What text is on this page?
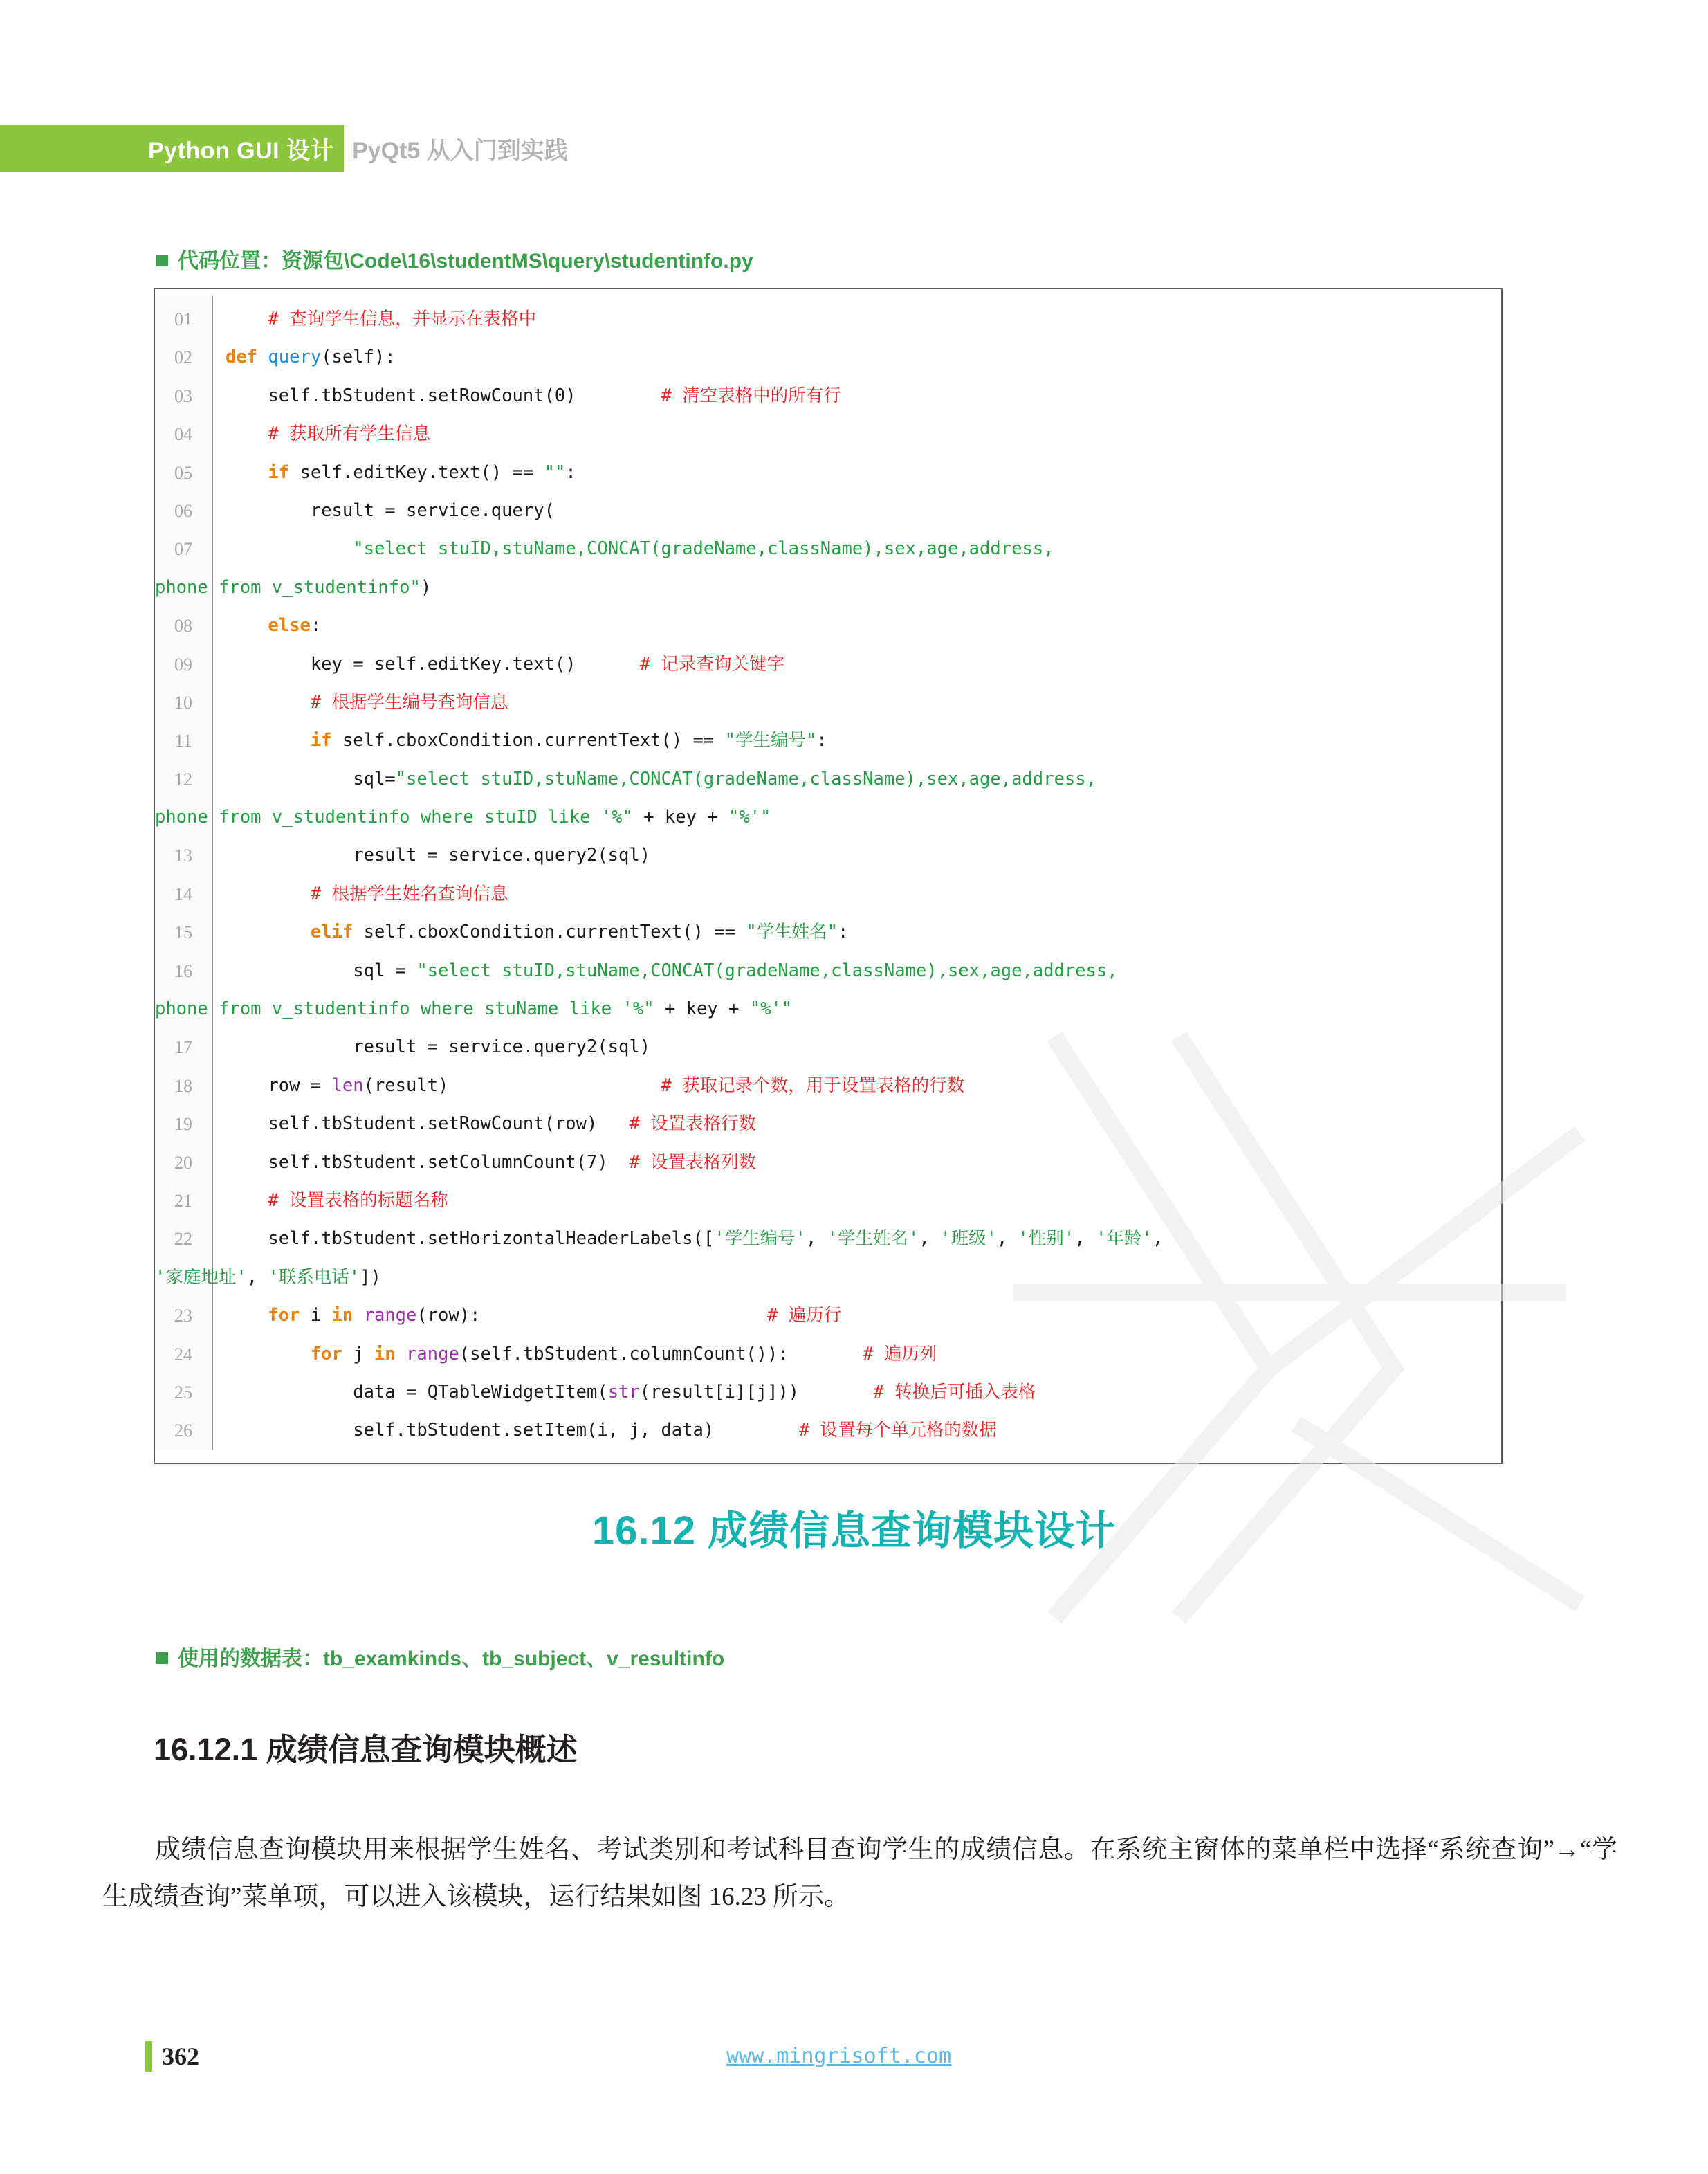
Python GUI 设计 PyQt5 从入门到实践
代码位置：资源包\Code\16\studentMS\query\studentinfo.py
01
02
03
04
05
06
07
08
09
10
11
12
13
14
15
16
17
18
19
20
21
22
23
24
25
26
# 查询学生信息，并显示在表格中
def query(self):
self.tbStudent.setRowCount(0)	# 清空表格中的所有行
# 获取所有学生信息
if self.editKey.text() == "":
result = service.query(
"select stuID,stuName,CONCAT(gradeName,className),sex,age,address,
phone from v_studentinfo")
else:
key = self.editKey.text()	# 记录查询关键字
# 根据学生编号查询信息
if self.cboxCondition.currentText() == "学生编号":
sql="select stuID,stuName,CONCAT(gradeName,className),sex,age,address,
phone from v_studentinfo where stuID like '%" + key + "%'"
result = service.query2(sql)
# 根据学生姓名查询信息
elif self.cboxCondition.currentText() == "学生姓名":
sql = "select stuID,stuName,CONCAT(gradeName,className),sex,age,address,
phone from v_studentinfo where stuName like '%" + key + "%'"
result = service.query2(sql)
row = len(result)	# 获取记录个数，用于设置表格的行数
self.tbStudent.setRowCount(row) # 设置表格行数
self.tbStudent.setColumnCount(7) # 设置表格列数
# 设置表格的标题名称
self.tbStudent.setHorizontalHeaderLabels(['学生编号', '学生姓名', '班级', '性别', '年龄',
'家庭地址', '联系电话'])
for i in range(row):	# 遍历行
for j in range(self.tbStudent.columnCount()):	# 遍历列
data = QTableWidgetItem(str(result[i][j]))	# 转换后可插入表格
self.tbStudent.setItem(i, j, data)	# 设置每个单元格的数据
16.12 成绩信息查询模块设计
使用的数据表：tb_examkinds、tb_subject、v_resultinfo
16.12.1 成绩信息查询模块概述
成绩信息查询模块用来根据学生姓名、考试类别和考试科目查询学生的成绩信息。在系统主窗体的菜单栏中选择“系统查询”→“学生成绩查询”菜单项，可以进入该模块，运行结果如图 16.23 所示。
362	www.mingrisoft.com
